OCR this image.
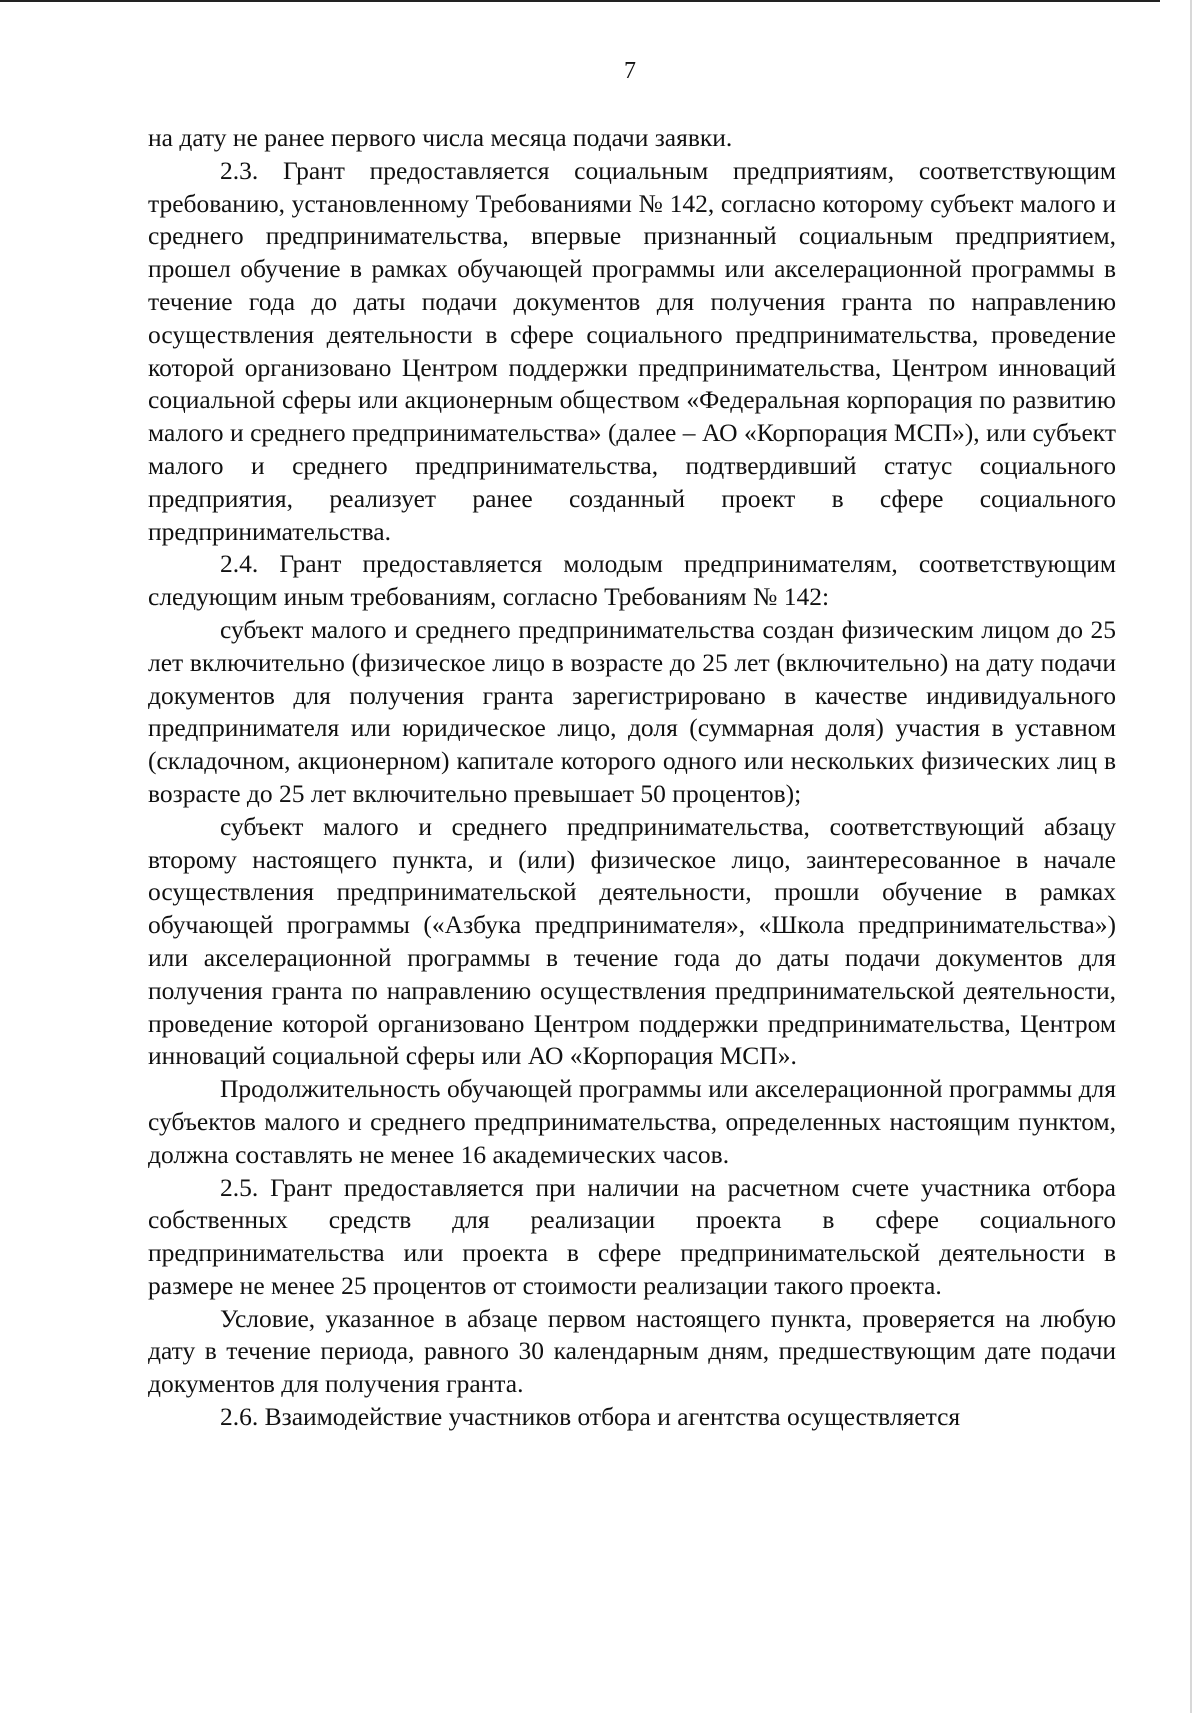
7

на дату не ранее первого числа месяца подачи заявки.

2.3. Грант предоставляется социальным предприятиям, соответствующим требованию, установленному Требованиями № 142, согласно которому субъект малого и среднего предпринимательства, впервые признанный социальным предприятием, прошел обучение в рамках обучающей программы или акселерационной программы в течение года до даты подачи документов для получения гранта по направлению осуществления деятельности в сфере социального предпринимательства, проведение которой организовано Центром поддержки предпринимательства, Центром инноваций социальной сферы или акционерным обществом «Федеральная корпорация по развитию малого и среднего предпринимательства» (далее – АО «Корпорация МСП»), или субъект малого и среднего предпринимательства, подтвердивший статус социального предприятия, реализует ранее созданный проект в сфере социального предпринимательства.

2.4. Грант предоставляется молодым предпринимателям, соответствующим следующим иным требованиям, согласно Требованиям № 142:

субъект малого и среднего предпринимательства создан физическим лицом до 25 лет включительно (физическое лицо в возрасте до 25 лет (включительно) на дату подачи документов для получения гранта зарегистрировано в качестве индивидуального предпринимателя или юридическое лицо, доля (суммарная доля) участия в уставном (складочном, акционерном) капитале которого одного или нескольких физических лиц в возрасте до 25 лет включительно превышает 50 процентов);

субъект малого и среднего предпринимательства, соответствующий абзацу второму настоящего пункта, и (или) физическое лицо, заинтересованное в начале осуществления предпринимательской деятельности, прошли обучение в рамках обучающей программы («Азбука предпринимателя», «Школа предпринимательства») или акселерационной программы в течение года до даты подачи документов для получения гранта по направлению осуществления предпринимательской деятельности, проведение которой организовано Центром поддержки предпринимательства, Центром инноваций социальной сферы или АО «Корпорация МСП».

Продолжительность обучающей программы или акселерационной программы для субъектов малого и среднего предпринимательства, определенных настоящим пунктом, должна составлять не менее 16 академических часов.

2.5. Грант предоставляется при наличии на расчетном счете участника отбора собственных средств для реализации проекта в сфере социального предпринимательства или проекта в сфере предпринимательской деятельности в размере не менее 25 процентов от стоимости реализации такого проекта.

Условие, указанное в абзаце первом настоящего пункта, проверяется на любую дату в течение периода, равного 30 календарным дням, предшествующим дате подачи документов для получения гранта.

2.6. Взаимодействие участников отбора и агентства осуществляется
